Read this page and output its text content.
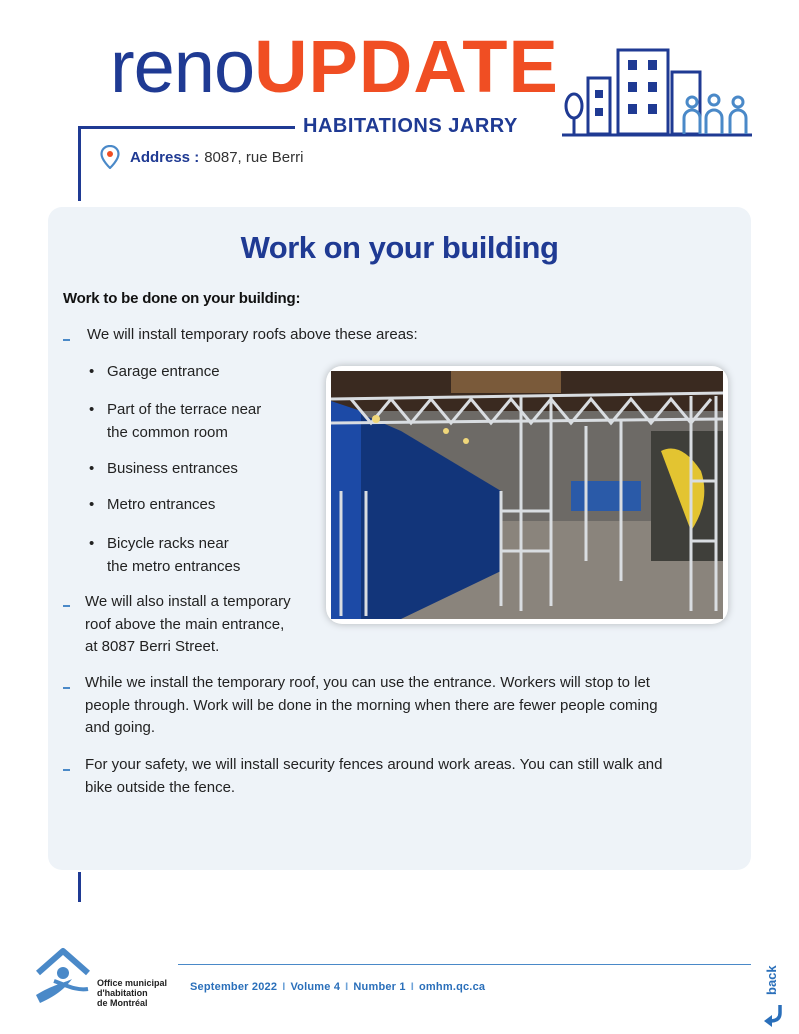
renoUPDATE
HABITATIONS JARRY
Address : 8087, rue Berri
Work on your building
Work to be done on your building:
We will install temporary roofs above these areas:
• Garage entrance
• Part of the terrace near
the common room
• Business entrances
• Metro entrances
• Bicycle racks near
the metro entrances
We will also install a temporary
roof above the main entrance,
at 8087 Berri Street.
While we install the temporary roof, you can use the entrance. Workers will stop to let
people through. Work will be done in the morning when there are fewer people coming
and going.
For your safety, we will install security fences around work areas. You can still walk and
bike outside the fence.
Office municipal
d'habitation
de Montréal
September 2022 I Volume 4 I Number 1 I omhm.qc.ca	back
